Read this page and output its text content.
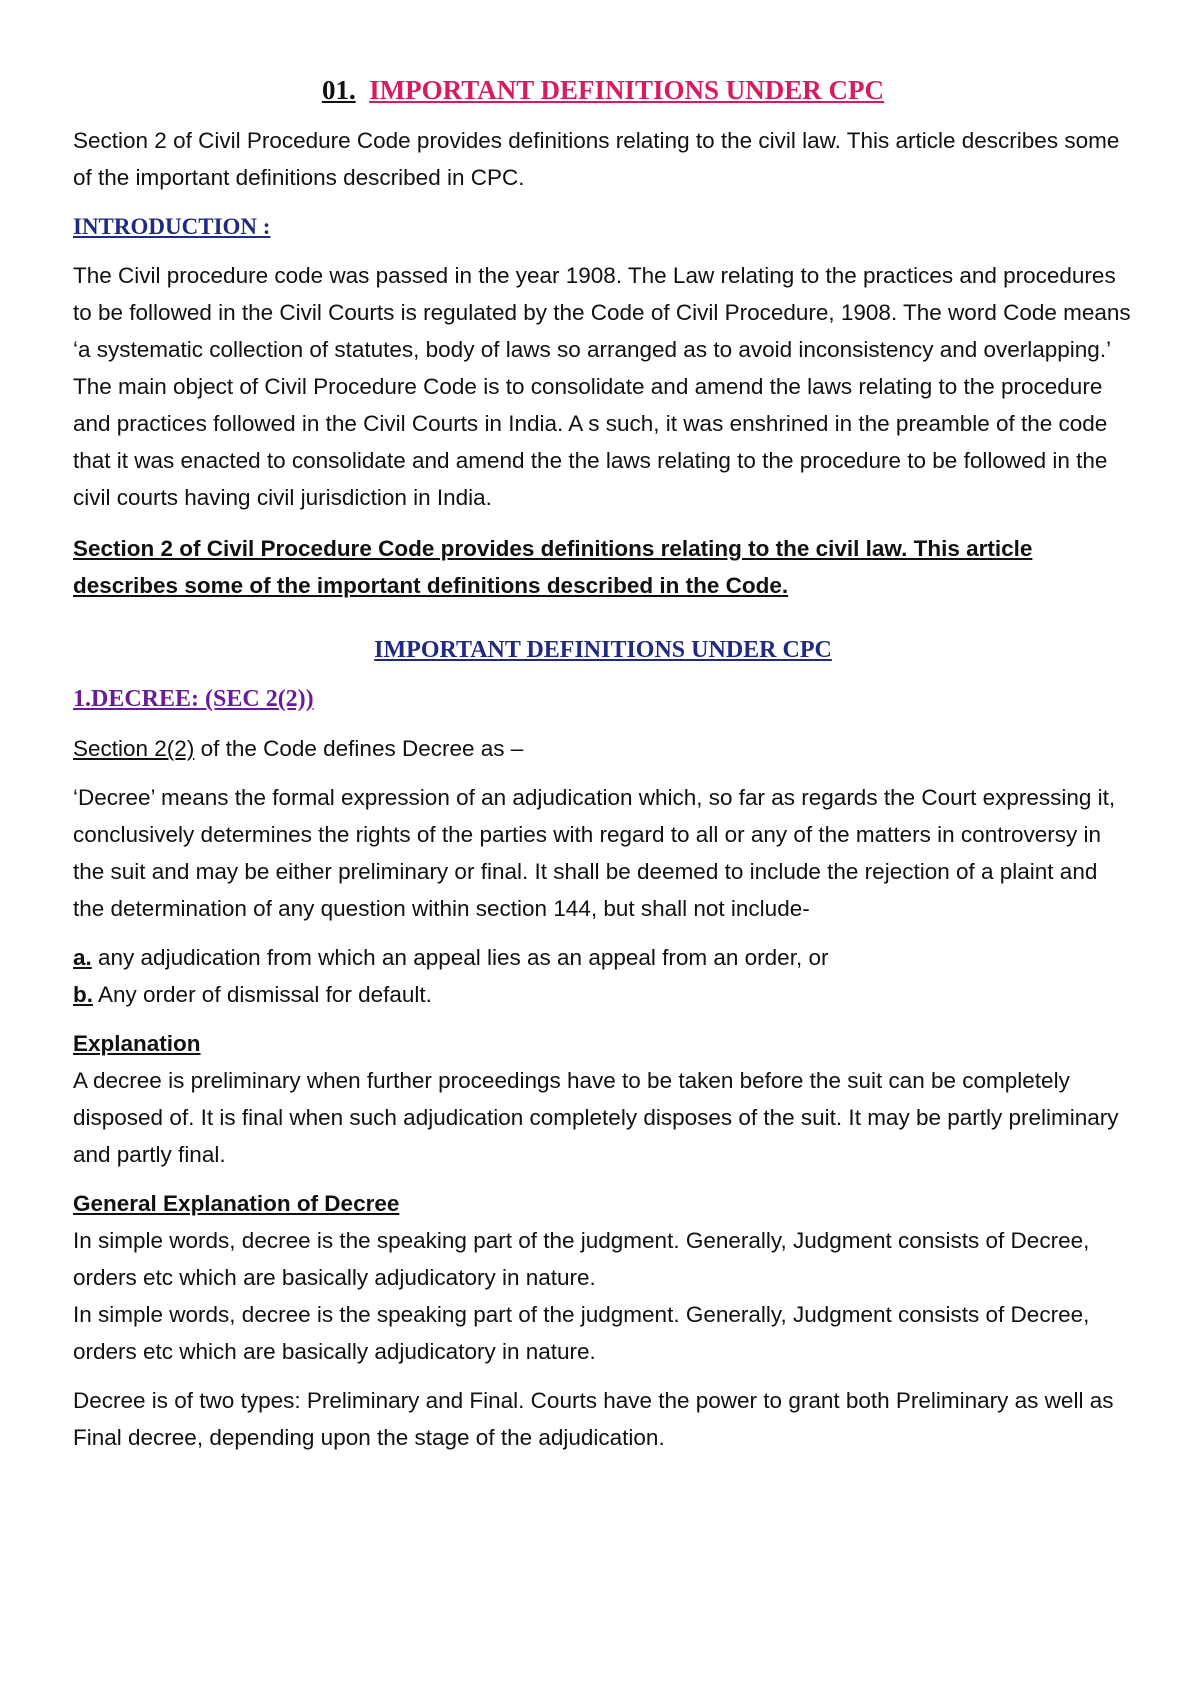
01. IMPORTANT DEFINITIONS UNDER CPC

Section 2 of Civil Procedure Code provides definitions relating to the civil law. This article describes some of the important definitions described in CPC.

INTRODUCTION :

The Civil procedure code was passed in the year 1908. The Law relating to the practices and procedures to be followed in the Civil Courts is regulated by the Code of Civil Procedure, 1908. The word Code means ‘a systematic collection of statutes, body of laws so arranged as to avoid inconsistency and overlapping.’

The main object of Civil Procedure Code is to consolidate and amend the laws relating to the procedure and practices followed in the Civil Courts in India. A s such, it was enshrined in the preamble of the code that it was enacted to consolidate and amend the the laws relating to the procedure to be followed in the civil courts having civil jurisdiction in India.

Section 2 of Civil Procedure Code provides definitions relating to the civil law. This article describes some of the important definitions described in the Code.

IMPORTANT DEFINITIONS UNDER CPC
1.DECREE: (SEC 2(2))

Section 2(2) of the Code defines Decree as –

‘Decree’ means the formal expression of an adjudication which, so far as regards the Court expressing it, conclusively determines the rights of the parties with regard to all or any of the matters in controversy in the suit and may be either preliminary or final. It shall be deemed to include the rejection of a plaint and the determination of any question within section 144, but shall not include-

a. any adjudication from which an appeal lies as an appeal from an order, or
b. Any order of dismissal for default.

Explanation
A decree is preliminary when further proceedings have to be taken before the suit can be completely disposed of. It is final when such adjudication completely disposes of the suit. It may be partly preliminary and partly final.

General Explanation of Decree
In simple words, decree is the speaking part of the judgment. Generally, Judgment consists of Decree, orders etc which are basically adjudicatory in nature.

In simple words, decree is the speaking part of the judgment. Generally, Judgment consists of Decree, orders etc which are basically adjudicatory in nature.

Decree is of two types: Preliminary and Final. Courts have the power to grant both Preliminary as well as Final decree, depending upon the stage of the adjudication.
